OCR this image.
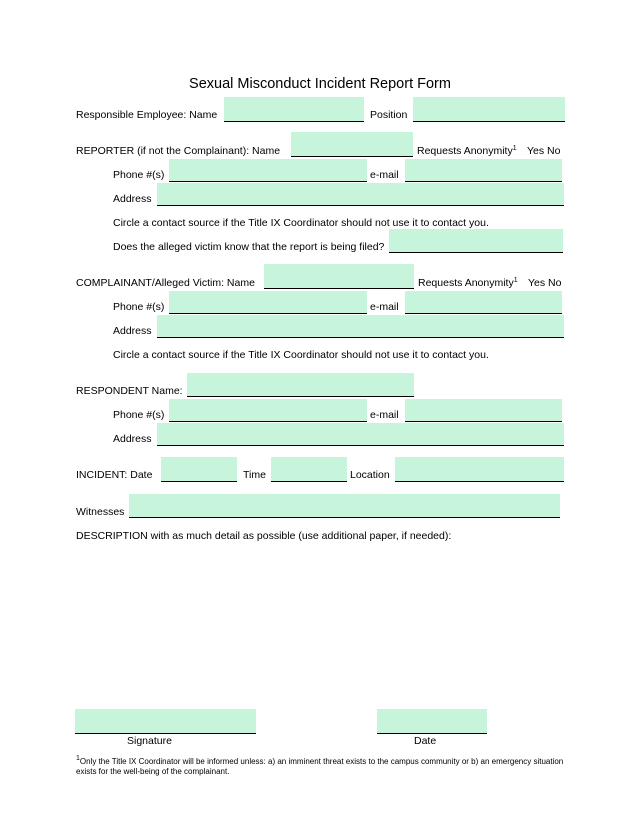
Sexual Misconduct Incident Report Form
Responsible Employee: Name	Position
REPORTER (if not the Complainant): Name	Requests Anonymity$^1$ Yes No
Phone #(s)	e-mail
Address
Circle a contact source if the Title IX Coordinator should not use it to contact you.
Does the alleged victim know that the report is being filed?
COMPLAINANT/Alleged Victim: Name	Requests Anonymity$^1$ Yes No
Phone #(s)	e-mail
Address
Circle a contact source if the Title IX Coordinator should not use it to contact you.
RESPONDENT Name:
Phone #(s)	e-mail
Address
INCIDENT: Date	Time	Location
Witnesses
DESCRIPTION with as much detail as possible (use additional paper, if needed):
Signature	Date
$^1$Only the Title IX Coordinator will be informed unless: a) an imminent threat exists to the campus community or b) an emergency situation exists for the well-being of the complainant.
